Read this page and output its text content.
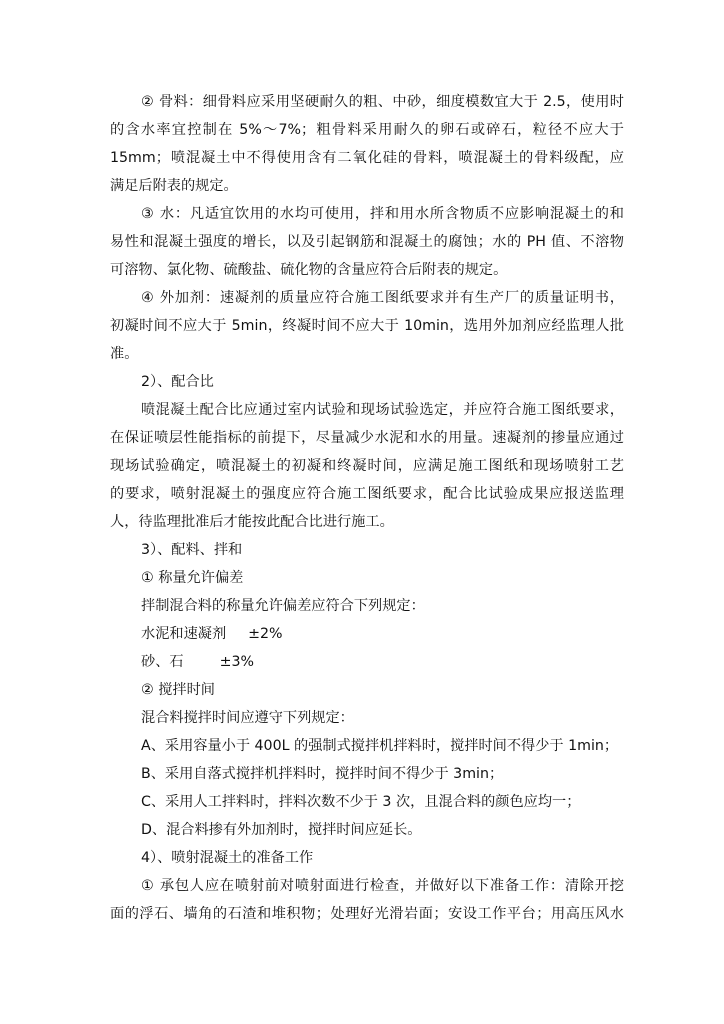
② 骨料：细骨料应采用坚硬耐久的粗、中砂，细度模数宜大于 2.5，使用时
的含水率宜控制在 5%～7%；粗骨料采用耐久的卵石或碎石，粒径不应大于
15mm；喷混凝土中不得使用含有二氧化硅的骨料，喷混凝土的骨料级配，应
满足后附表的规定。
③ 水：凡适宜饮用的水均可使用，拌和用水所含物质不应影响混凝土的和
易性和混凝土强度的增长，以及引起钢筋和混凝土的腐蚀；水的 PH 值、不溶物
可溶物、氯化物、硫酸盐、硫化物的含量应符合后附表的规定。
④ 外加剂：速凝剂的质量应符合施工图纸要求并有生产厂的质量证明书，
初凝时间不应大于 5min，终凝时间不应大于 10min，选用外加剂应经监理人批
准。
2）、配合比
喷混凝土配合比应通过室内试验和现场试验选定，并应符合施工图纸要求，
在保证喷层性能指标的前提下，尽量减少水泥和水的用量。速凝剂的掺量应通过
现场试验确定，喷混凝土的初凝和终凝时间，应满足施工图纸和现场喷射工艺
的要求，喷射混凝土的强度应符合施工图纸要求，配合比试验成果应报送监理
人，待监理批准后才能按此配合比进行施工。
3）、配料、拌和
① 称量允许偏差
拌制混合料的称量允许偏差应符合下列规定：
水泥和速凝剂 ±2%
砂、石	±3%
② 搅拌时间
混合料搅拌时间应遵守下列规定：
A、采用容量小于 400L 的强制式搅拌机拌料时，搅拌时间不得少于 1min；
B、采用自落式搅拌机拌料时，搅拌时间不得少于 3min；
C、采用人工拌料时，拌料次数不少于 3 次，且混合料的颜色应均一；
D、混合料掺有外加剂时，搅拌时间应延长。
4）、喷射混凝土的准备工作
① 承包人应在喷射前对喷射面进行检查，并做好以下准备工作：清除开挖
面的浮石、墙角的石渣和堆积物；处理好光滑岩面；安设工作平台；用高压风水
